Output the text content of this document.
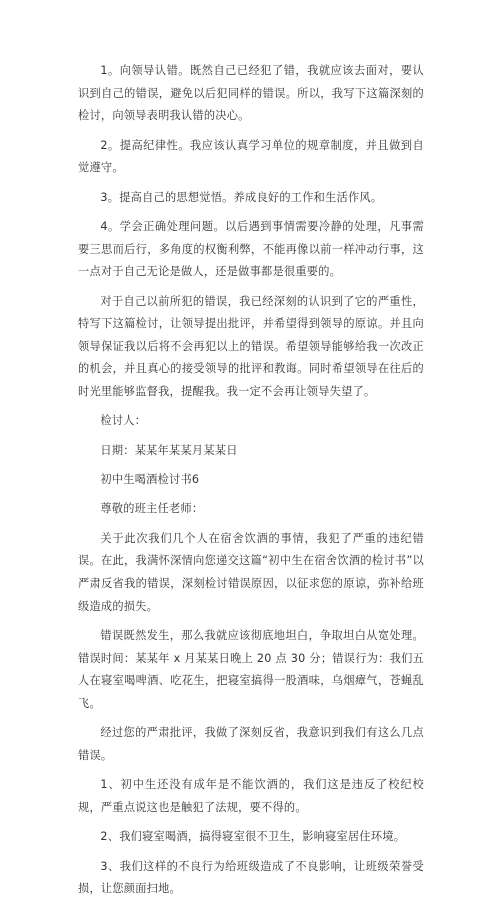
1。向领导认错。既然自己已经犯了错，我就应该去面对，要认识到自己的错误，避免以后犯同样的错误。所以，我写下这篇深刻的检讨，向领导表明我认错的决心。

2。提高纪律性。我应该认真学习单位的规章制度，并且做到自觉遵守。

3。提高自己的思想觉悟。养成良好的工作和生活作风。

4。学会正确处理问题。以后遇到事情需要冷静的处理，凡事需要三思而后行，多角度的权衡利弊，不能再像以前一样冲动行事，这一点对于自己无论是做人，还是做事都是很重要的。

对于自己以前所犯的错误，我已经深刻的认识到了它的严重性，特写下这篇检讨，让领导提出批评，并希望得到领导的原谅。并且向领导保证我以后将不会再犯以上的错误。希望领导能够给我一次改正的机会，并且真心的接受领导的批评和教诲。同时希望领导在往后的时光里能够监督我，提醒我。我一定不会再让领导失望了。

检讨人：

日期：某某年某某月某某日

初中生喝酒检讨书6

尊敬的班主任老师：

关于此次我们几个人在宿舍饮酒的事情，我犯了严重的违纪错误。在此，我满怀深情向您递交这篇“初中生在宿舍饮酒的检讨书”以严肃反省我的错误，深刻检讨错误原因，以征求您的原谅，弥补给班级造成的损失。

错误既然发生，那么我就应该彻底地坦白，争取坦白从宽处理。错误时间：某某年 x 月某某日晚上 20 点 30 分；错误行为：我们五人在寝室喝啤酒、吃花生，把寝室搞得一股酒味，乌烟瘴气，苍蝇乱飞。

经过您的严肃批评，我做了深刻反省，我意识到我们有这么几点错误。

1、初中生还没有成年是不能饮酒的，我们这是违反了校纪校规，严重点说这也是触犯了法规，要不得的。

2、我们寝室喝酒，搞得寝室很不卫生，影响寝室居住环境。

3、我们这样的不良行为给班级造成了不良影响，让班级荣誉受损，让您颜面扫地。
